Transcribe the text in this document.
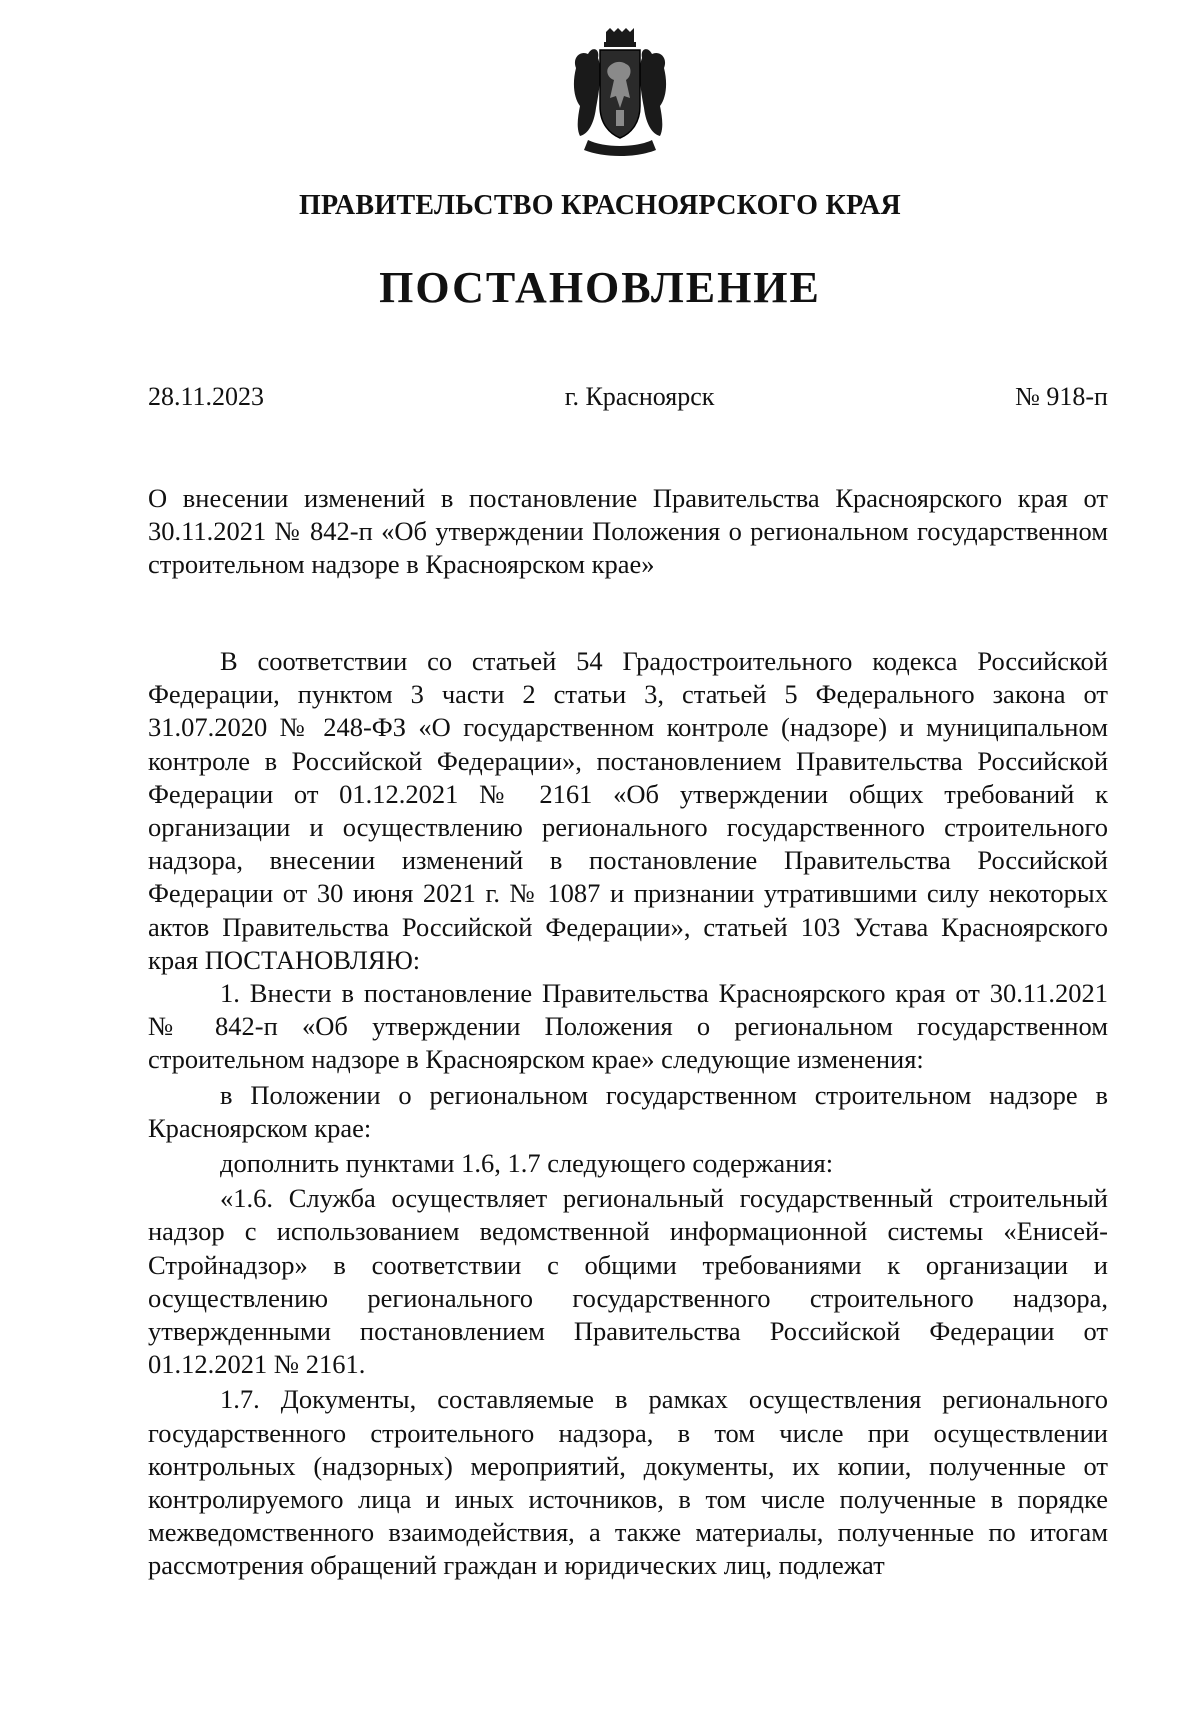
ПРАВИТЕЛЬСТВО КРАСНОЯРСКОГО КРАЯ
ПОСТАНОВЛЕНИЕ
28.11.2023	г. Красноярск	№ 918-п
О внесении изменений в постановление Правительства Красноярского края от 30.11.2021 № 842-п «Об утверждении Положения о региональном государственном строительном надзоре в Красноярском крае»

В соответствии со статьей 54 Градостроительного кодекса Российской Федерации, пунктом 3 части 2 статьи 3, статьей 5 Федерального закона от 31.07.2020 № 248-ФЗ «О государственном контроле (надзоре) и муниципальном контроле в Российской Федерации», постановлением Правительства Российской Федерации от 01.12.2021 № 2161 «Об утверждении общих требований к организации и осуществлению регионального государственного строительного надзора, внесении изменений в постановление Правительства Российской Федерации от 30 июня 2021 г. № 1087 и признании утратившими силу некоторых актов Правительства Российской Федерации», статьей 103 Устава Красноярского края ПОСТАНОВЛЯЮ:

1. Внести в постановление Правительства Красноярского края от 30.11.2021 № 842-п «Об утверждении Положения о региональном государственном строительном надзоре в Красноярском крае» следующие изменения:

в Положении о региональном государственном строительном надзоре в Красноярском крае:

дополнить пунктами 1.6, 1.7 следующего содержания:

«1.6. Служба осуществляет региональный государственный строительный надзор с использованием ведомственной информационной системы «Енисей-Стройнадзор» в соответствии с общими требованиями к организации и осуществлению регионального государственного строительного надзора, утвержденными постановлением Правительства Российской Федерации от 01.12.2021 № 2161.

1.7. Документы, составляемые в рамках осуществления регионального государственного строительного надзора, в том числе при осуществлении контрольных (надзорных) мероприятий, документы, их копии, полученные от контролируемого лица и иных источников, в том числе полученные в порядке межведомственного взаимодействия, а также материалы, полученные по итогам рассмотрения обращений граждан и юридических лиц, подлежат
